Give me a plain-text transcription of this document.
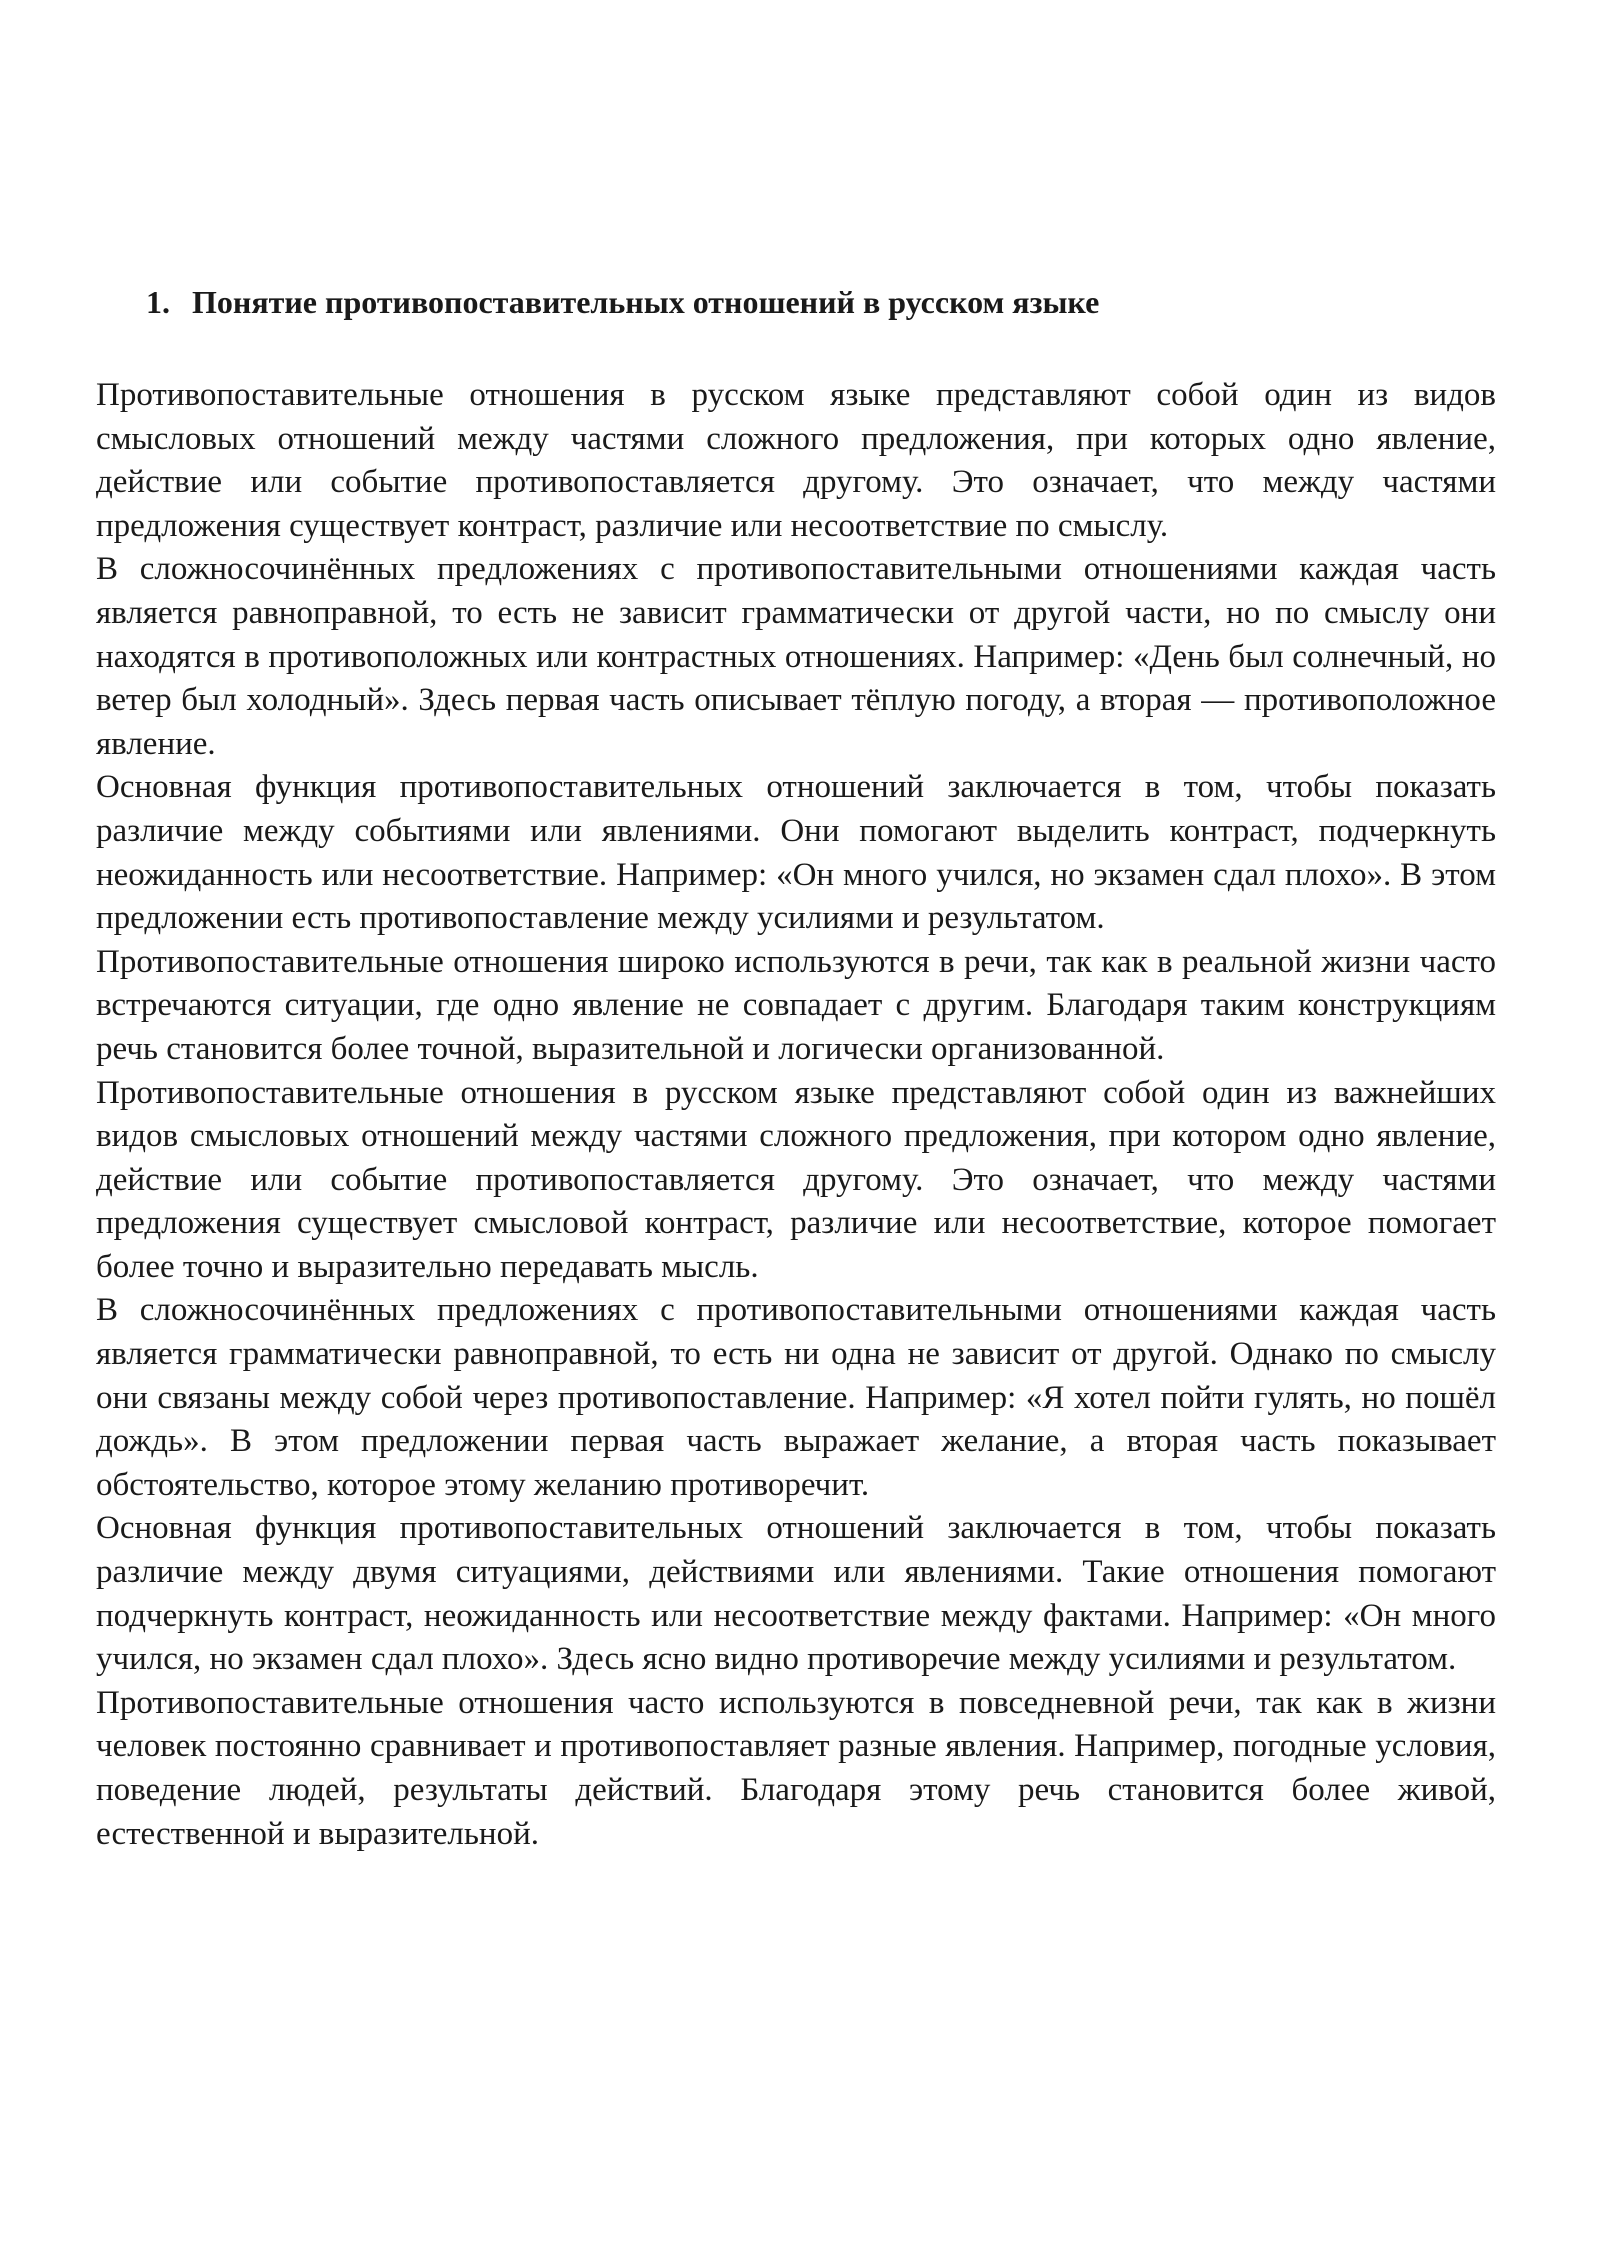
1. Понятие противопоставительных отношений в русском языке

Противопоставительные отношения в русском языке представляют собой один из видов смысловых отношений между частями сложного предложения, при которых одно явление, действие или событие противопоставляется другому. Это означает, что между частями предложения существует контраст, различие или несоответствие по смыслу.

В сложносочинённых предложениях с противопоставительными отношениями каждая часть является равноправной, то есть не зависит грамматически от другой части, но по смыслу они находятся в противоположных или контрастных отношениях. Например: «День был солнечный, но ветер был холодный». Здесь первая часть описывает тёплую погоду, а вторая — противоположное явление.

Основная функция противопоставительных отношений заключается в том, чтобы показать различие между событиями или явлениями. Они помогают выделить контраст, подчеркнуть неожиданность или несоответствие. Например: «Он много учился, но экзамен сдал плохо». В этом предложении есть противопоставление между усилиями и результатом.

Противопоставительные отношения широко используются в речи, так как в реальной жизни часто встречаются ситуации, где одно явление не совпадает с другим. Благодаря таким конструкциям речь становится более точной, выразительной и логически организованной.

Противопоставительные отношения в русском языке представляют собой один из важнейших видов смысловых отношений между частями сложного предложения, при котором одно явление, действие или событие противопоставляется другому. Это означает, что между частями предложения существует смысловой контраст, различие или несоответствие, которое помогает более точно и выразительно передавать мысль.

В сложносочинённых предложениях с противопоставительными отношениями каждая часть является грамматически равноправной, то есть ни одна не зависит от другой. Однако по смыслу они связаны между собой через противопоставление. Например: «Я хотел пойти гулять, но пошёл дождь». В этом предложении первая часть выражает желание, а вторая часть показывает обстоятельство, которое этому желанию противоречит.

Основная функция противопоставительных отношений заключается в том, чтобы показать различие между двумя ситуациями, действиями или явлениями. Такие отношения помогают подчеркнуть контраст, неожиданность или несоответствие между фактами. Например: «Он много учился, но экзамен сдал плохо». Здесь ясно видно противоречие между усилиями и результатом.

Противопоставительные отношения часто используются в повседневной речи, так как в жизни человек постоянно сравнивает и противопоставляет разные явления. Например, погодные условия, поведение людей, результаты действий. Благодаря этому речь становится более живой, естественной и выразительной.
